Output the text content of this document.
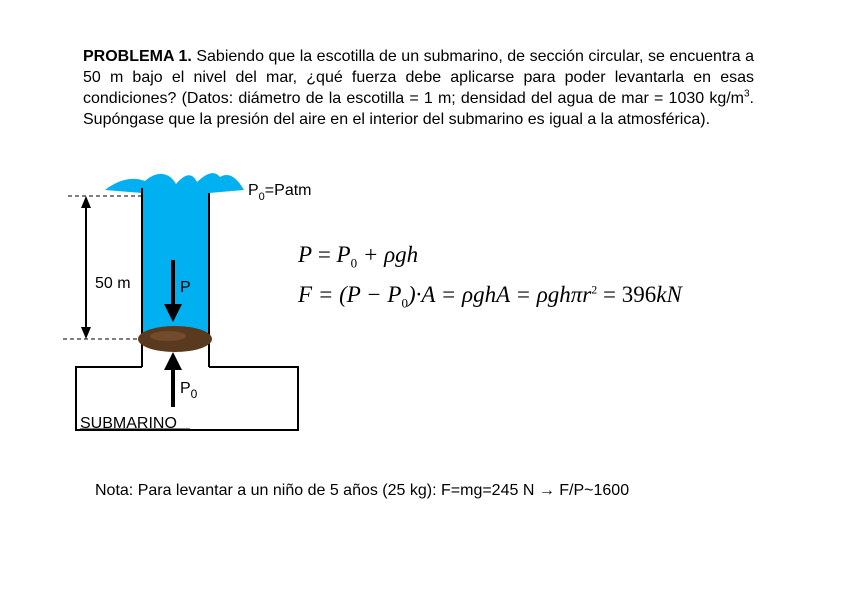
PROBLEMA 1. Sabiendo que la escotilla de un submarino, de sección circular, se encuentra a 50 m bajo el nivel del mar, ¿qué fuerza debe aplicarse para poder levantarla en esas condiciones? (Datos: diámetro de la escotilla = 1 m; densidad del agua de mar = 1030 $kg/m^3$. Supóngase que la presión del aire en el interior del submarino es igual a la atmosférica).
$P_0=Patm$
50 m	P
$P_0$
SUBMARINO
$P = P_0 + \rho gh$
$F = (P - P_0)\cdot A = \rho ghA = \rho gh\pi r^2 = 396kN$
Nota: Para levantar a un niño de 5 años (25 kg): F=mg=245 N → F/P~1600
